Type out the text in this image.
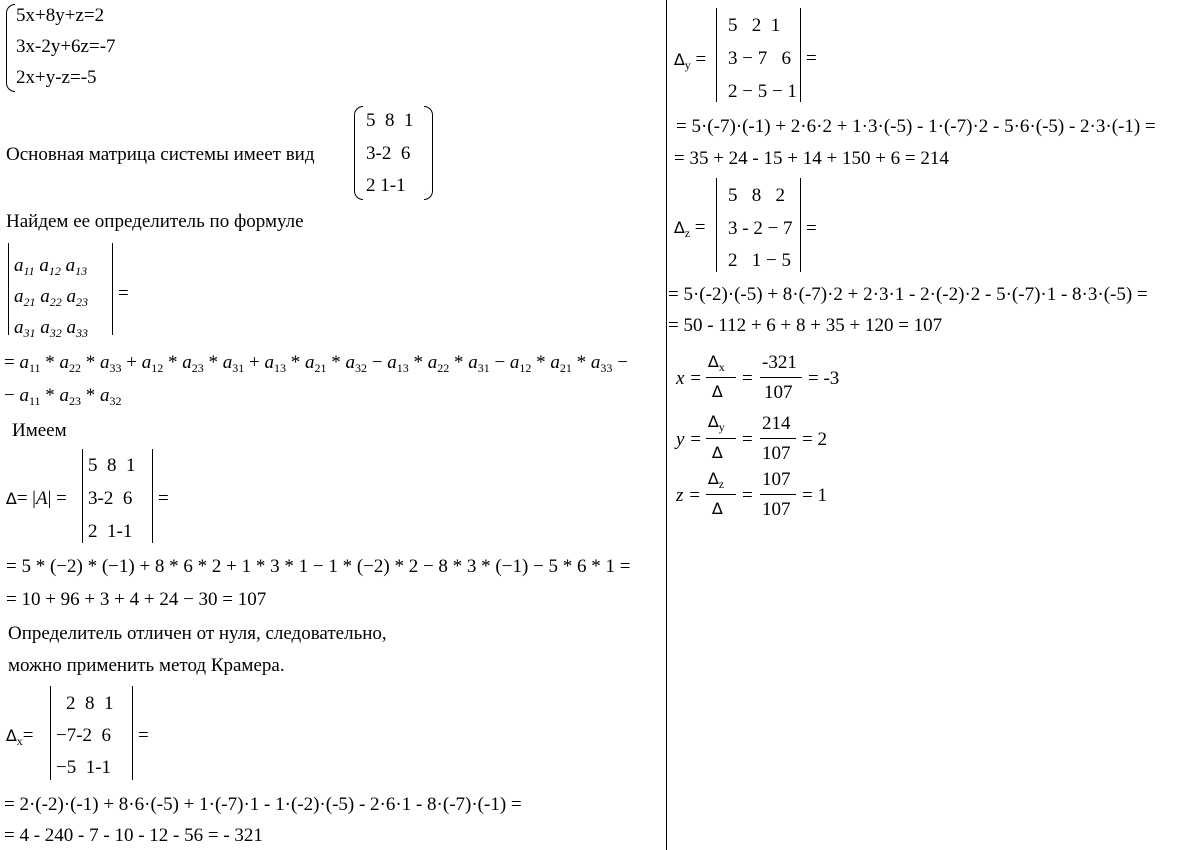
5x+8y+z=2
3x-2y+6z=-7
2x+y-z=-5
Основная матрица системы имеет вид
5 8 1
3-2 6
2 1-1
Найдем ее определитель по формуле
$a_{11}$ $a_{12}$ $a_{13}$
$a_{21}$ $a_{22}$ $a_{23}$
$a_{31}$ $a_{32}$ $a_{33}$
=
= $a_{11} * a_{22} * a_{33} + a_{12} * a_{23} * a_{31} + a_{13} * a_{21} * a_{32} - a_{13} * a_{22} * a_{31} - a_{12} * a_{21} * a_{33}$ −
− $a_{11} * a_{23} * a_{32}$
Имеем
∆= |A| =
5  8  1
3-2  6
2  1-1
=
= 5 * (−2) * (−1) + 8 * 6 * 2 + 1 * 3 * 1 − 1 * (−2) * 2 − 8 * 3 * (−1) − 5 * 6 * 1 =
= 10 + 96 + 3 + 4 + 24 − 30 = 107
Определитель отличен от нуля, следовательно,
можно применить метод Крамера.
$\Delta_x=$
2  8  1
−7-2  6
−5  1-1
=
= 2·(-2)·(-1) + 8·6·(-5) + 1·(-7)·1 - 1·(-2)·(-5) - 2·6·1 - 8·(-7)·(-1) =
= 4 - 240 - 7 - 10 - 12 - 56 = - 321
$\Delta_y$ =
5   2  1
3 − 7   6
2 − 5 − 1
=
= 5·(-7)·(-1) + 2·6·2 + 1·3·(-5) - 1·(-7)·2 - 5·6·(-5) - 2·3·(-1) =
= 35 + 24 - 15 + 14 + 150 + 6 = 214
$\Delta_z$ =
5   8   2
3 - 2 − 7
2   1 − 5
=
= 5·(-2)·(-5) + 8·(-7)·2 + 2·3·1 - 2·(-2)·2 - 5·(-7)·1 - 8·3·(-5) =
= 50 - 112 + 6 + 8 + 35 + 120 = 107
x =
$\Delta_x$
∆
=
-321
107
= -3
y =
$\Delta_y$
∆
=
214
107
= 2
z =
$\Delta_z$
∆
=
107
107
= 1
